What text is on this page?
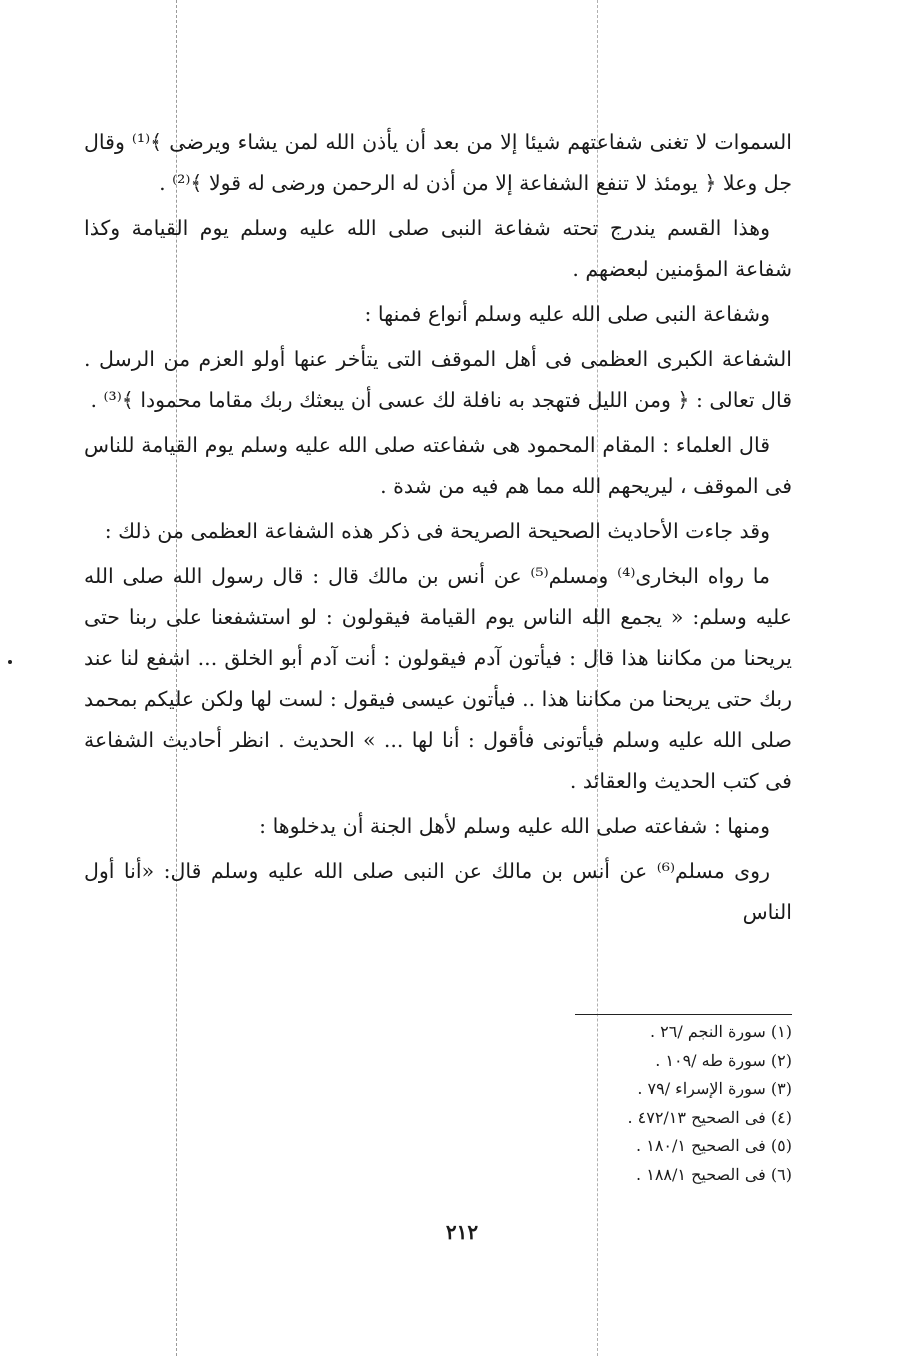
السموات لا تغنى شفاعتهم شيئا إلا من بعد أن يأذن الله لمن يشاء ويرضى ﴾⁽¹⁾ وقال جل وعلا ﴿ يومئذ لا تنفع الشفاعة إلا من أذن له الرحمن ورضى له قولا ﴾⁽²⁾ .

وهذا القسم يندرج تحته شفاعة النبى صلى الله عليه وسلم يوم القيامة وكذا شفاعة المؤمنين لبعضهم .

وشفاعة النبى صلى الله عليه وسلم أنواع فمنها :

الشفاعة الكبرى العظمى فى أهل الموقف التى يتأخر عنها أولو العزم من الرسل . قال تعالى : ﴿ ومن الليل فتهجد به نافلة لك عسى أن يبعثك ربك مقاما محمودا ﴾⁽³⁾ .

قال العلماء : المقام المحمود هى شفاعته صلى الله عليه وسلم يوم القيامة للناس فى الموقف ، ليريحهم الله مما هم فيه من شدة .

وقد جاءت الأحاديث الصحيحة الصريحة فى ذكر هذه الشفاعة العظمى من ذلك :

ما رواه البخارى⁽⁴⁾ ومسلم⁽⁵⁾ عن أنس بن مالك قال : قال رسول الله صلى الله عليه وسلم: « يجمع الله الناس يوم القيامة فيقولون : لو استشفعنا على ربنا حتى يريحنا من مكاننا هذا قال : فيأتون آدم فيقولون : أنت آدم أبو الخلق ... اشفع لنا عند ربك حتى يريحنا من مكاننا هذا .. فيأتون عيسى فيقول : لست لها ولكن عليكم بمحمد صلى الله عليه وسلم فيأتونى فأقول : أنا لها ... » الحديث . انظر أحاديث الشفاعة فى كتب الحديث والعقائد .

ومنها : شفاعته صلى الله عليه وسلم لأهل الجنة أن يدخلوها :

روى مسلم⁽⁶⁾ عن أنس بن مالك عن النبى صلى الله عليه وسلم قال: «أنا أول الناس

(١) سورة النجم /٢٦ .

(٢) سورة طه /١٠٩ .

(٣) سورة الإسراء /٧٩ .

(٤) فى الصحيح ٤٧٢/١٣ .

(٥) فى الصحيح ١٨٠/١ .

(٦) فى الصحيح ١٨٨/١ .

٢١٢
